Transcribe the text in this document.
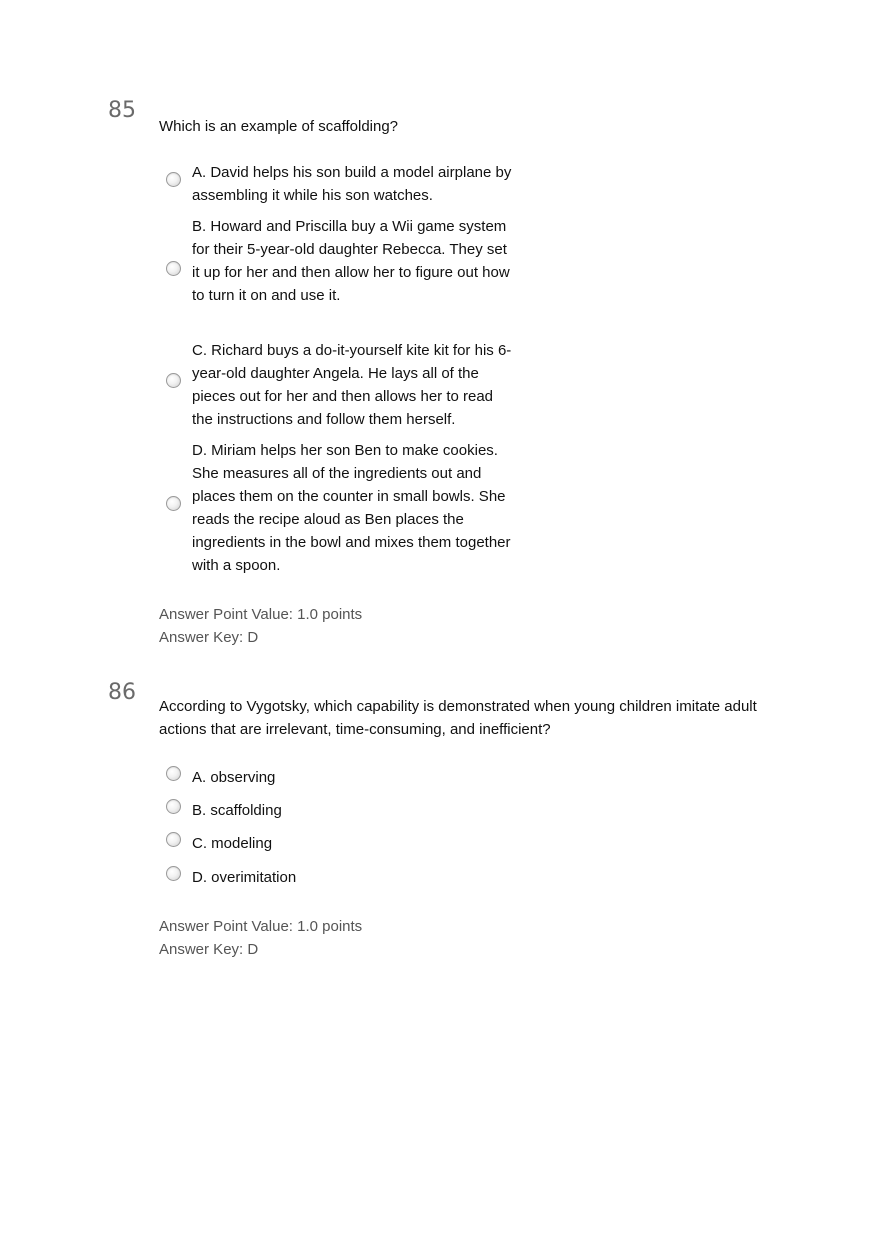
85
Which is an example of scaffolding?
A. David helps his son build a model airplane by assembling it while his son watches.
B. Howard and Priscilla buy a Wii game system for their 5-year-old daughter Rebecca. They set it up for her and then allow her to figure out how to turn it on and use it.
C. Richard buys a do-it-yourself kite kit for his 6-year-old daughter Angela. He lays all of the pieces out for her and then allows her to read the instructions and follow them herself.
D. Miriam helps her son Ben to make cookies. She measures all of the ingredients out and places them on the counter in small bowls. She reads the recipe aloud as Ben places the ingredients in the bowl and mixes them together with a spoon.
Answer Point Value: 1.0 points
Answer Key: D
86
According to Vygotsky, which capability is demonstrated when young children imitate adult actions that are irrelevant, time-consuming, and inefficient?
A. observing
B. scaffolding
C. modeling
D. overimitation
Answer Point Value: 1.0 points
Answer Key: D
